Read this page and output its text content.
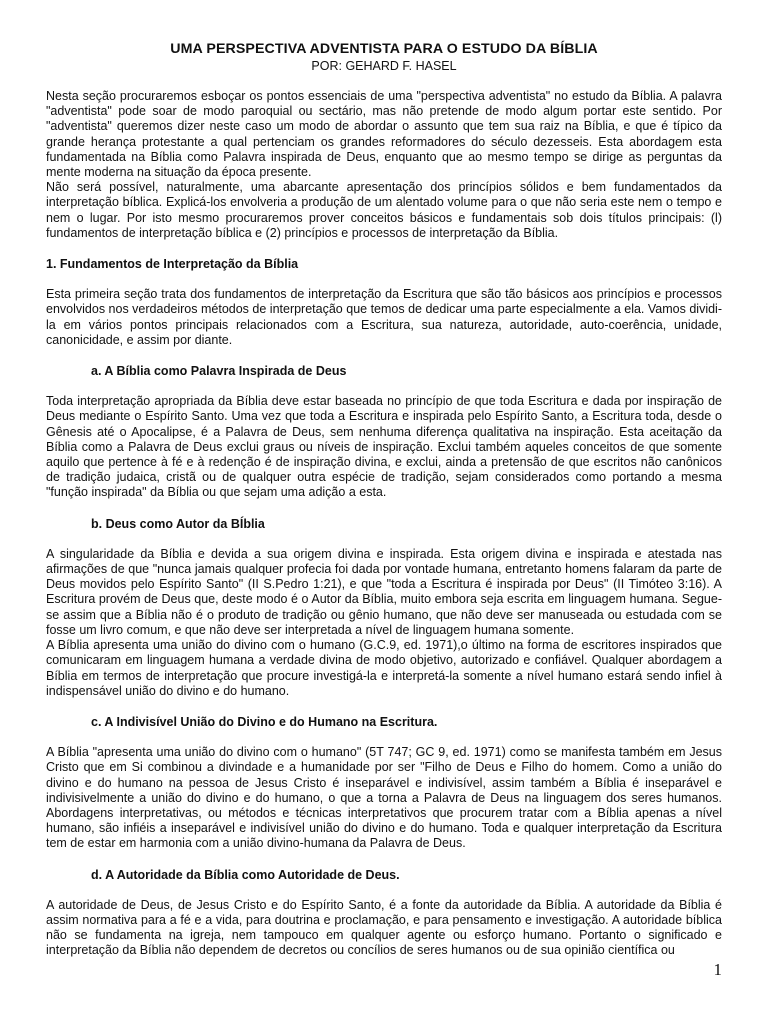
UMA PERSPECTIVA ADVENTISTA PARA O ESTUDO DA BÍBLIA
POR: GEHARD F. HASEL

Nesta seção procuraremos esboçar os pontos essenciais de uma "perspectiva adventista" no estudo da Bíblia. A palavra "adventista" pode soar de modo paroquial ou sectário, mas não pretende de modo algum portar este sentido. Por "adventista" queremos dizer neste caso um modo de abordar o assunto que tem sua raiz na Bíblia, e que é típico da grande herança protestante a qual pertenciam os grandes reformadores do século dezesseis. Esta abordagem esta fundamentada na Bíblia como Palavra inspirada de Deus, enquanto que ao mesmo tempo se dirige as perguntas da mente moderna na situação da época presente.

Não será possível, naturalmente, uma abarcante apresentação dos princípios sólidos e bem fundamentados da interpretação bíblica. Explicá-los envolveria a produção de um alentado volume para o que não seria este nem o tempo e nem o lugar. Por isto mesmo procuraremos prover conceitos básicos e fundamentais sob dois títulos principais: (l) fundamentos de interpretação bíblica e (2) princípios e processos de interpretação da Bíblia.

1. Fundamentos de Interpretação da Bíblia

Esta primeira seção trata dos fundamentos de interpretação da Escritura que são tão básicos aos princípios e processos envolvidos nos verdadeiros métodos de interpretação que temos de dedicar uma parte especialmente a ela. Vamos dividi-la em vários pontos principais relacionados com a Escritura, sua natureza, autoridade, auto-coerência, unidade, canonicidade, e assim por diante.

a. A Bíblia como Palavra Inspirada de Deus

Toda interpretação apropriada da Bíblia deve estar baseada no princípio de que toda Escritura e dada por inspiração de Deus mediante o Espírito Santo. Uma vez que toda a Escritura e inspirada pelo Espírito Santo, a Escritura toda, desde o Gênesis até o Apocalipse, é a Palavra de Deus, sem nenhuma diferença qualitativa na inspiração. Esta aceitação da Bíblia como a Palavra de Deus exclui graus ou níveis de inspiração. Exclui também aqueles conceitos de que somente aquilo que pertence à fé e à redenção é de inspiração divina, e exclui, ainda a pretensão de que escritos não canônicos de tradição judaica, cristã ou de qualquer outra espécie de tradição, sejam considerados como portando a mesma "função inspirada" da Bíblia ou que sejam uma adição a esta.

b. Deus como Autor da BÍblia

A singularidade da Bíblia e devida a sua origem divina e inspirada. Esta origem divina e inspirada e atestada nas afirmações de que "nunca jamais qualquer profecia foi dada por vontade humana, entretanto homens falaram da parte de Deus movidos pelo Espírito Santo" (II S.Pedro 1:21), e que "toda a Escritura é inspirada por Deus" (II Timóteo 3:16). A Escritura provém de Deus que, deste modo é o Autor da Bíblia, muito embora seja escrita em linguagem humana. Segue-se assim que a Bíblia não é o produto de tradição ou gênio humano, que não deve ser manuseada ou estudada com se fosse um livro comum, e que não deve ser interpretada a nível de linguagem humana somente.

A Bíblia apresenta uma união do divino com o humano (G.C.9, ed. 1971),o último na forma de escritores inspirados que comunicaram em linguagem humana a verdade divina de modo objetivo, autorizado e confiável. Qualquer abordagem a Bíblia em termos de interpretação que procure investigá-la e interpretá-la somente a nível humano estará sendo infiel à indispensável união do divino e do humano.

c. A Indivisível União do Divino e do Humano na Escritura.

A Bíblia "apresenta uma união do divino com o humano" (5T 747; GC 9, ed. 1971) como se manifesta também em Jesus Cristo que em Si combinou a divindade e a humanidade por ser "Filho de Deus e Filho do homem. Como a união do divino e do humano na pessoa de Jesus Cristo é inseparável e indivisível, assim também a Bíblia é inseparável e indivisivelmente a união do divino e do humano, o que a torna a Palavra de Deus na linguagem dos seres humanos. Abordagens interpretativas, ou métodos e técnicas interpretativos que procurem tratar com a Bíblia apenas a nível humano, são infiéis a inseparável e indivisível união do divino e do humano. Toda e qualquer interpretação da Escritura tem de estar em harmonia com a união divino-humana da Palavra de Deus.

d. A Autoridade da Bíblia como Autoridade de Deus.

A autoridade de Deus, de Jesus Cristo e do Espírito Santo, é a fonte da autoridade da Bíblia. A autoridade da Bíblia é assim normativa para a fé e a vida, para doutrina e proclamação, e para pensamento e investigação. A autoridade bíblica não se fundamenta na igreja, nem tampouco em qualquer agente ou esforço humano. Portanto o significado e interpretação da Bíblia não dependem de decretos ou concílios de seres humanos ou de sua opinião científica ou

1
